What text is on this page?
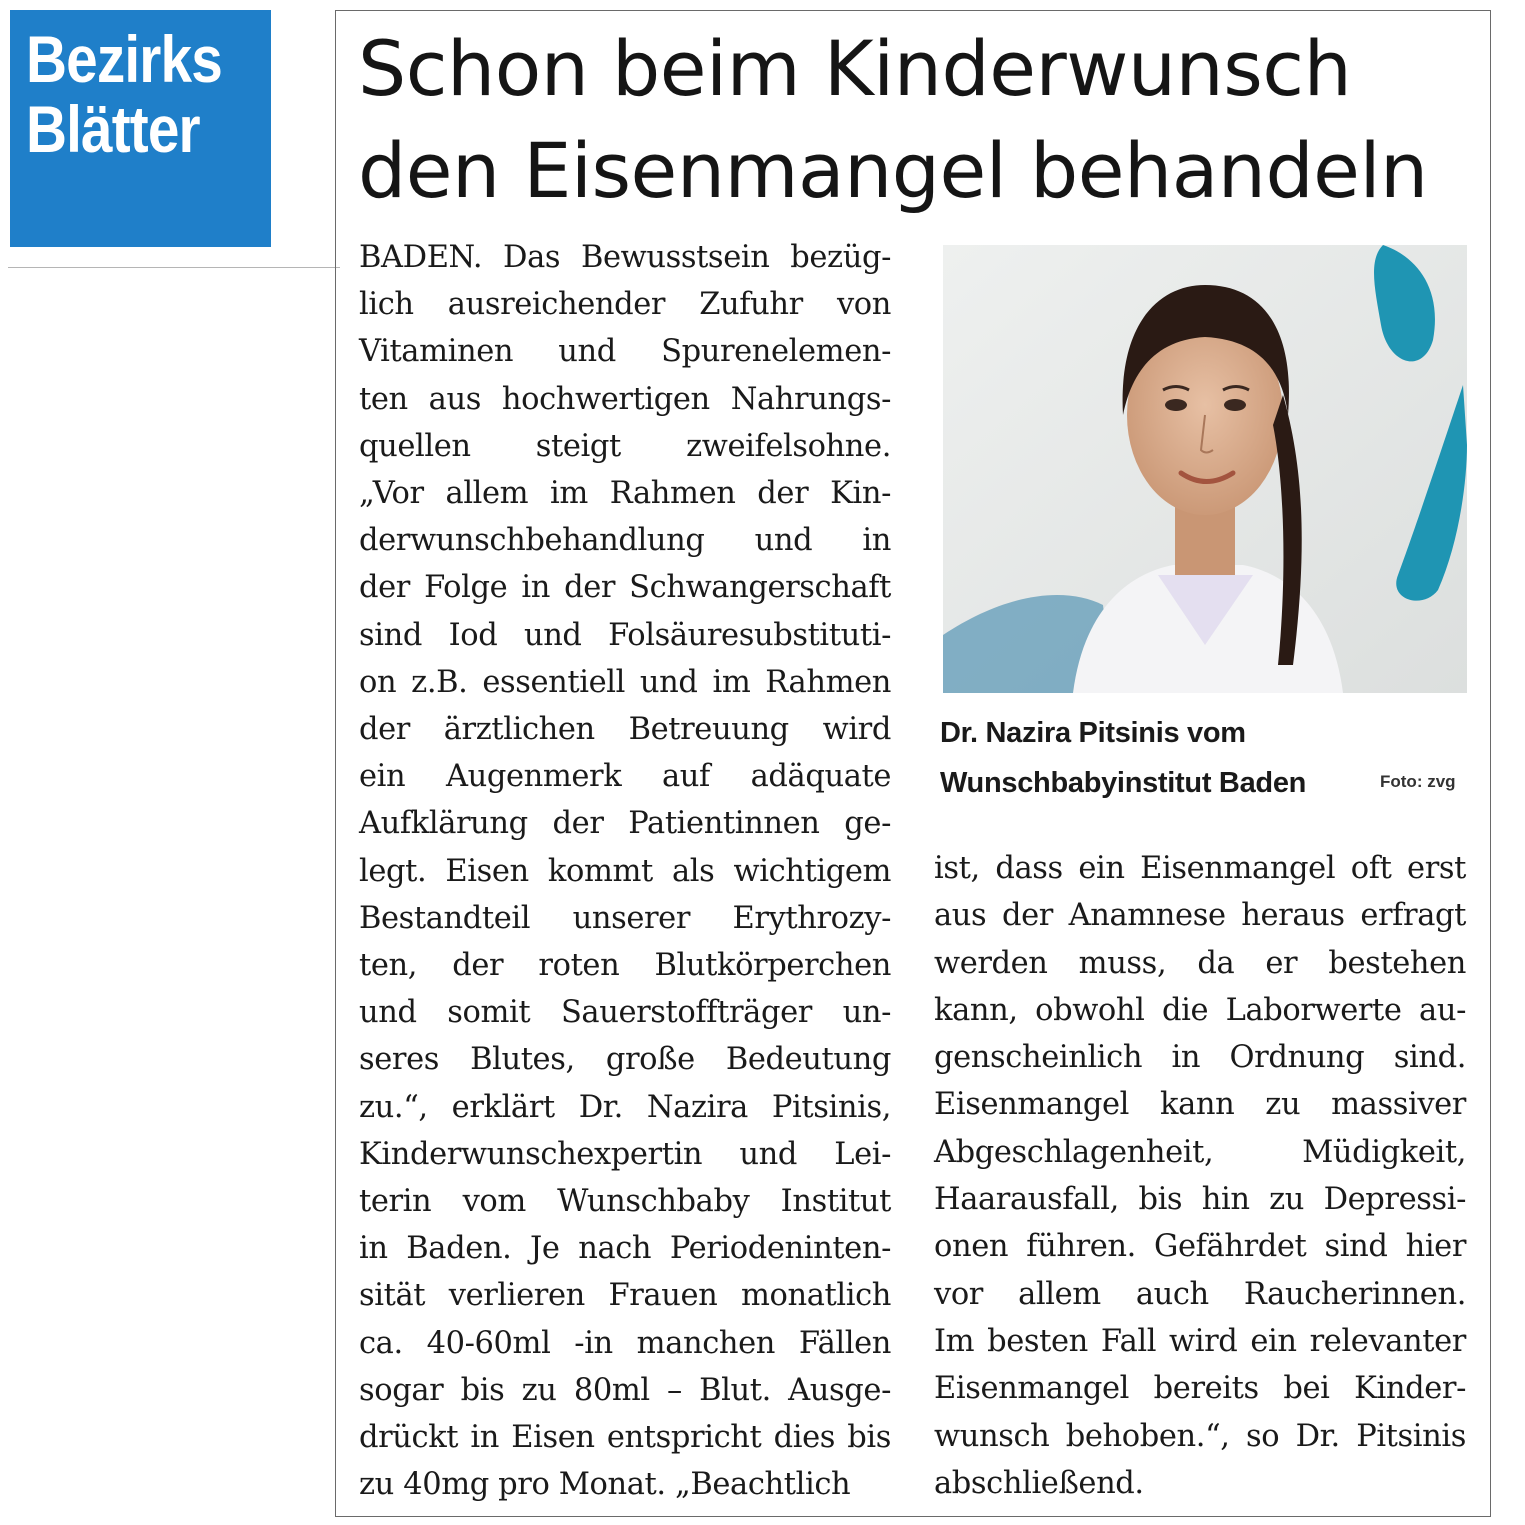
Bezirks
Blätter
Schon beim Kinderwunsch
den Eisenmangel behandeln
BADEN. Das Bewusstsein bezüg-
lich ausreichender Zufuhr von
Vitaminen und Spurenelemen-
ten aus hochwertigen Nahrungs-
quellen steigt zweifelsohne.
„Vor allem im Rahmen der Kin-
derwunschbehandlung und in
der Folge in der Schwangerschaft
sind Iod und Folsäuresubstituti-
on z.B. essentiell und im Rahmen
der ärztlichen Betreuung wird
ein Augenmerk auf adäquate
Aufklärung der Patientinnen ge-
legt. Eisen kommt als wichtigem
Bestandteil unserer Erythrozy-
ten, der roten Blutkörperchen
und somit Sauerstoffträger un-
seres Blutes, große Bedeutung
zu.“, erklärt Dr. Nazira Pitsinis,
Kinderwunschexpertin und Lei-
terin vom Wunschbaby Institut
in Baden. Je nach Periodeninten-
sität verlieren Frauen monatlich
ca. 40-60ml -in manchen Fällen
sogar bis zu 80ml – Blut. Ausge-
drückt in Eisen entspricht dies bis
zu 40mg pro Monat. „Beachtlich
Dr. Nazira Pitsinis vom
Wunschbabyinstitut Baden	Foto: zvg
ist, dass ein Eisenmangel oft erst
aus der Anamnese heraus erfragt
werden muss, da er bestehen
kann, obwohl die Laborwerte au-
genscheinlich in Ordnung sind.
Eisenmangel kann zu massiver
Abgeschlagenheit, Müdigkeit,
Haarausfall, bis hin zu Depressi-
onen führen. Gefährdet sind hier
vor allem auch Raucherinnen.
Im besten Fall wird ein relevanter
Eisenmangel bereits bei Kinder-
wunsch behoben.“, so Dr. Pitsinis
abschließend.
